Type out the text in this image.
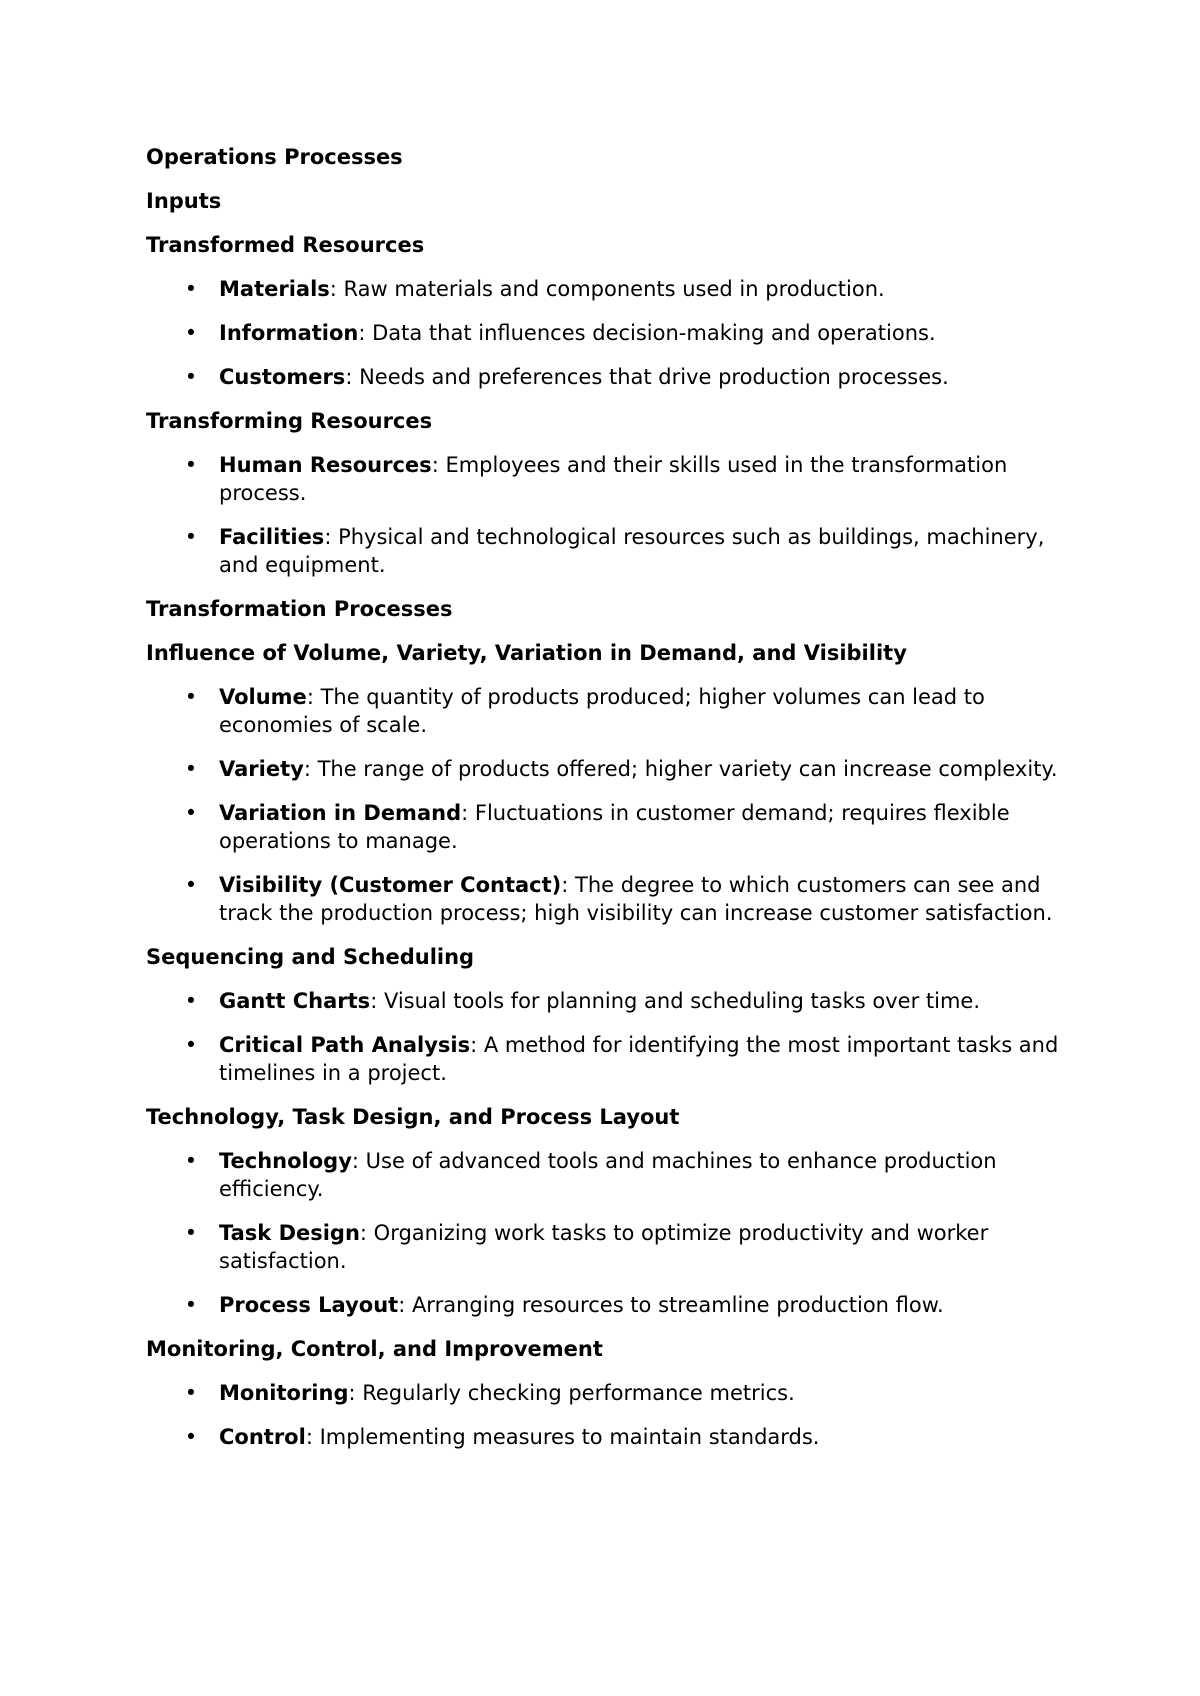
Operations Processes
Inputs
Transformed Resources
• Materials: Raw materials and components used in production.
• Information: Data that influences decision-making and operations.
• Customers: Needs and preferences that drive production processes.
Transforming Resources
• Human Resources: Employees and their skills used in the transformation process.
• Facilities: Physical and technological resources such as buildings, machinery, and equipment.
Transformation Processes
Influence of Volume, Variety, Variation in Demand, and Visibility
• Volume: The quantity of products produced; higher volumes can lead to economies of scale.
• Variety: The range of products offered; higher variety can increase complexity.
• Variation in Demand: Fluctuations in customer demand; requires flexible operations to manage.
• Visibility (Customer Contact): The degree to which customers can see and track the production process; high visibility can increase customer satisfaction.
Sequencing and Scheduling
• Gantt Charts: Visual tools for planning and scheduling tasks over time.
• Critical Path Analysis: A method for identifying the most important tasks and timelines in a project.
Technology, Task Design, and Process Layout
• Technology: Use of advanced tools and machines to enhance production efficiency.
• Task Design: Organizing work tasks to optimize productivity and worker satisfaction.
• Process Layout: Arranging resources to streamline production flow.
Monitoring, Control, and Improvement
• Monitoring: Regularly checking performance metrics.
• Control: Implementing measures to maintain standards.
